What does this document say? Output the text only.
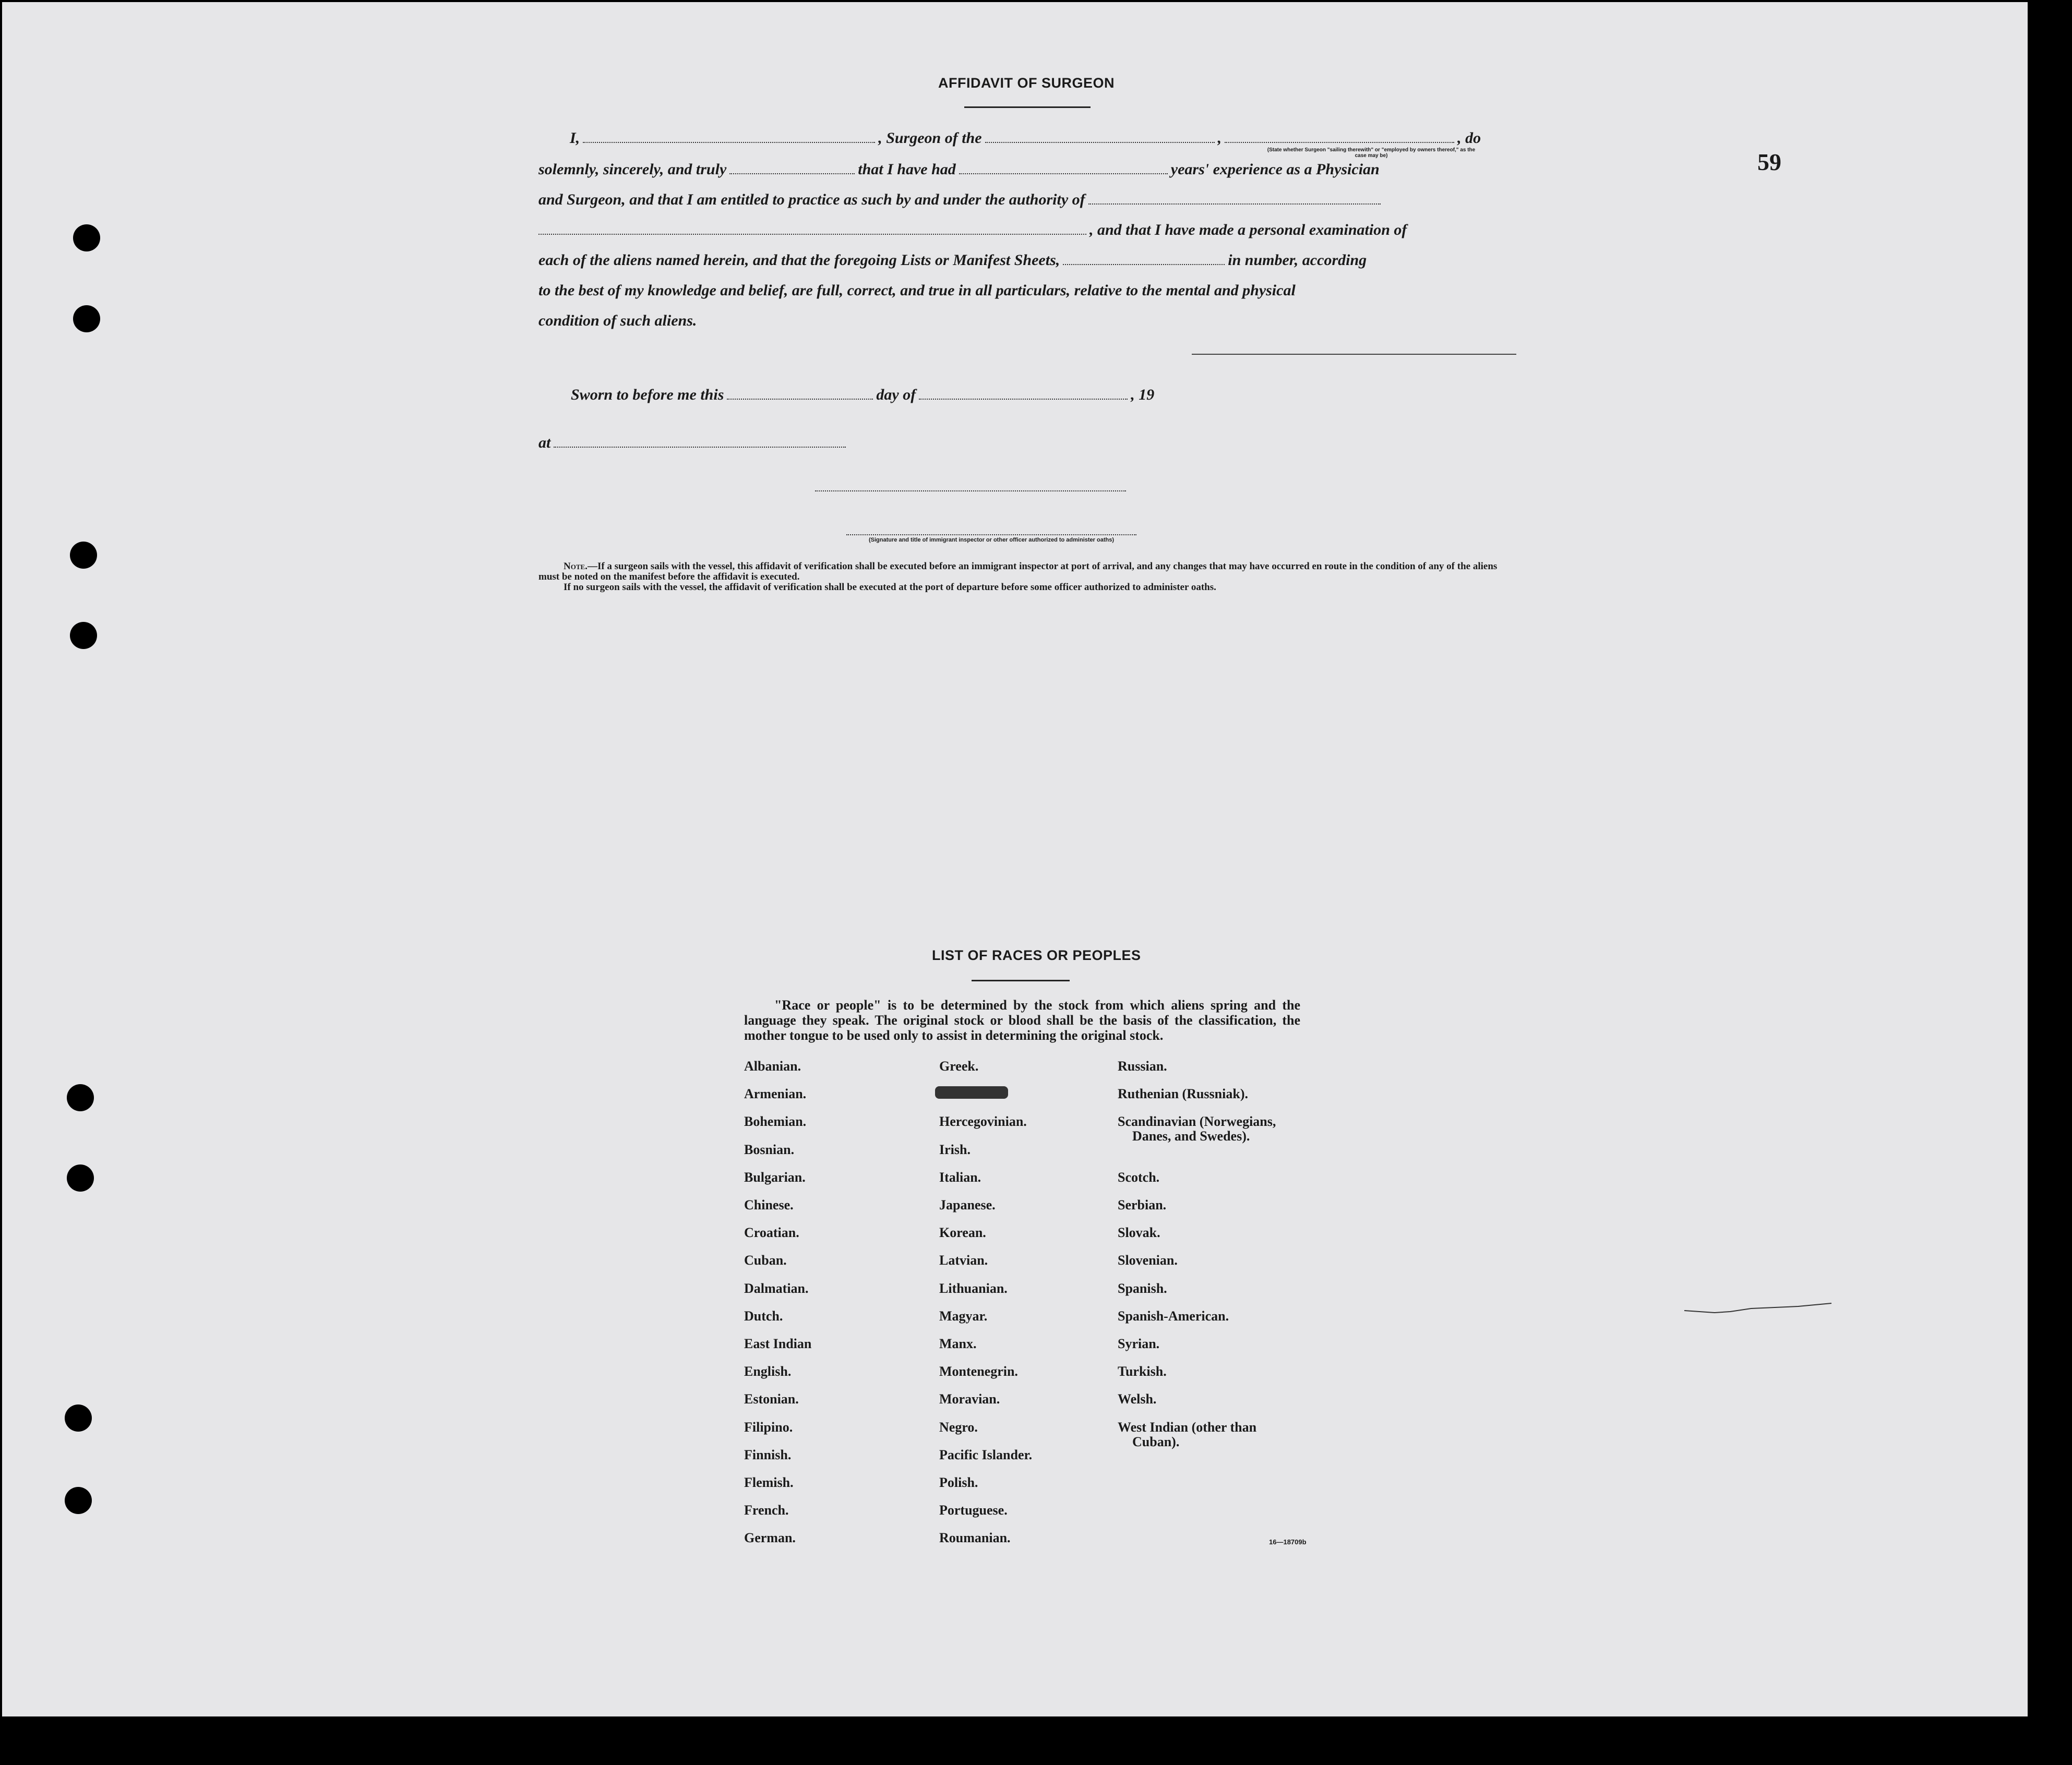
59
AFFIDAVIT OF SURGEON
I,	, Surgeon of the	,	, do
(State whether Surgeon "sailing therewith" or "employed by owners thereof," as the case may be)
solemnly, sincerely, and truly	that I have had	years' experience as a Physician
and Surgeon, and that I am entitled to practice as such by and under the authority of
, and that I have made a personal examination of
each of the aliens named herein, and that the foregoing Lists or Manifest Sheets,	in number, according
to the best of my knowledge and belief, are full, correct, and true in all particulars, relative to the mental and physical
condition of such aliens.
Sworn to before me this	day of	, 19
at
(Signature and title of immigrant inspector or other officer authorized to administer oaths)
Note.—If a surgeon sails with the vessel, this affidavit of verification shall be executed before an immigrant inspector at port of arrival, and any changes that may have occurred en route in the condition of any of the aliens must be noted on the manifest before the affidavit is executed.
If no surgeon sails with the vessel, the affidavit of verification shall be executed at the port of departure before some officer authorized to administer oaths.
LIST OF RACES OR PEOPLES
"Race or people" is to be determined by the stock from which aliens spring and the language they speak. The original stock or blood shall be the basis of the classification, the mother tongue to be used only to assist in determining the original stock.
Albanian.
Armenian.
Bohemian.
Bosnian.
Bulgarian.
Chinese.
Croatian.
Cuban.
Dalmatian.
Dutch.
East Indian
English.
Estonian.
Filipino.
Finnish.
Flemish.
French.
German.
Greek.
Hercegovinian.
Irish.
Italian.
Japanese.
Korean.
Latvian.
Lithuanian.
Magyar.
Manx.
Montenegrin.
Moravian.
Negro.
Pacific Islander.
Polish.
Portuguese.
Roumanian.
Russian.
Ruthenian (Russniak).
Scandinavian (Norwegians,
Danes, and Swedes).
Scotch.
Serbian.
Slovak.
Slovenian.
Spanish.
Spanish-American.
Syrian.
Turkish.
Welsh.
West Indian (other than
Cuban).
16—18709b
